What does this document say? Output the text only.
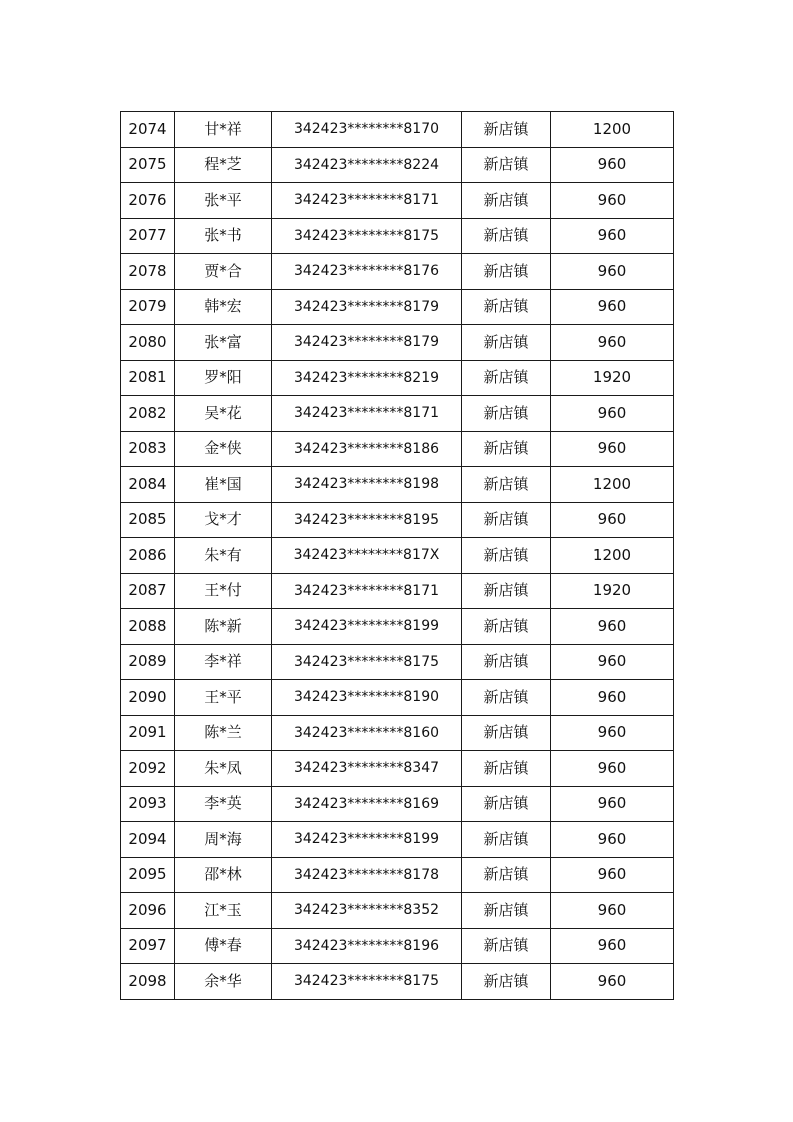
2074	甘*祥	342423********8170	新店镇	1200
2075	程*芝	342423********8224	新店镇	960
2076	张*平	342423********8171	新店镇	960
2077	张*书	342423********8175	新店镇	960
2078	贾*合	342423********8176	新店镇	960
2079	韩*宏	342423********8179	新店镇	960
2080	张*富	342423********8179	新店镇	960
2081	罗*阳	342423********8219	新店镇	1920
2082	吴*花	342423********8171	新店镇	960
2083	金*侠	342423********8186	新店镇	960
2084	崔*国	342423********8198	新店镇	1200
2085	戈*才	342423********8195	新店镇	960
2086	朱*有	342423********817X	新店镇	1200
2087	王*付	342423********8171	新店镇	1920
2088	陈*新	342423********8199	新店镇	960
2089	李*祥	342423********8175	新店镇	960
2090	王*平	342423********8190	新店镇	960
2091	陈*兰	342423********8160	新店镇	960
2092	朱*凤	342423********8347	新店镇	960
2093	李*英	342423********8169	新店镇	960
2094	周*海	342423********8199	新店镇	960
2095	邵*林	342423********8178	新店镇	960
2096	江*玉	342423********8352	新店镇	960
2097	傅*春	342423********8196	新店镇	960
2098	余*华	342423********8175	新店镇	960
